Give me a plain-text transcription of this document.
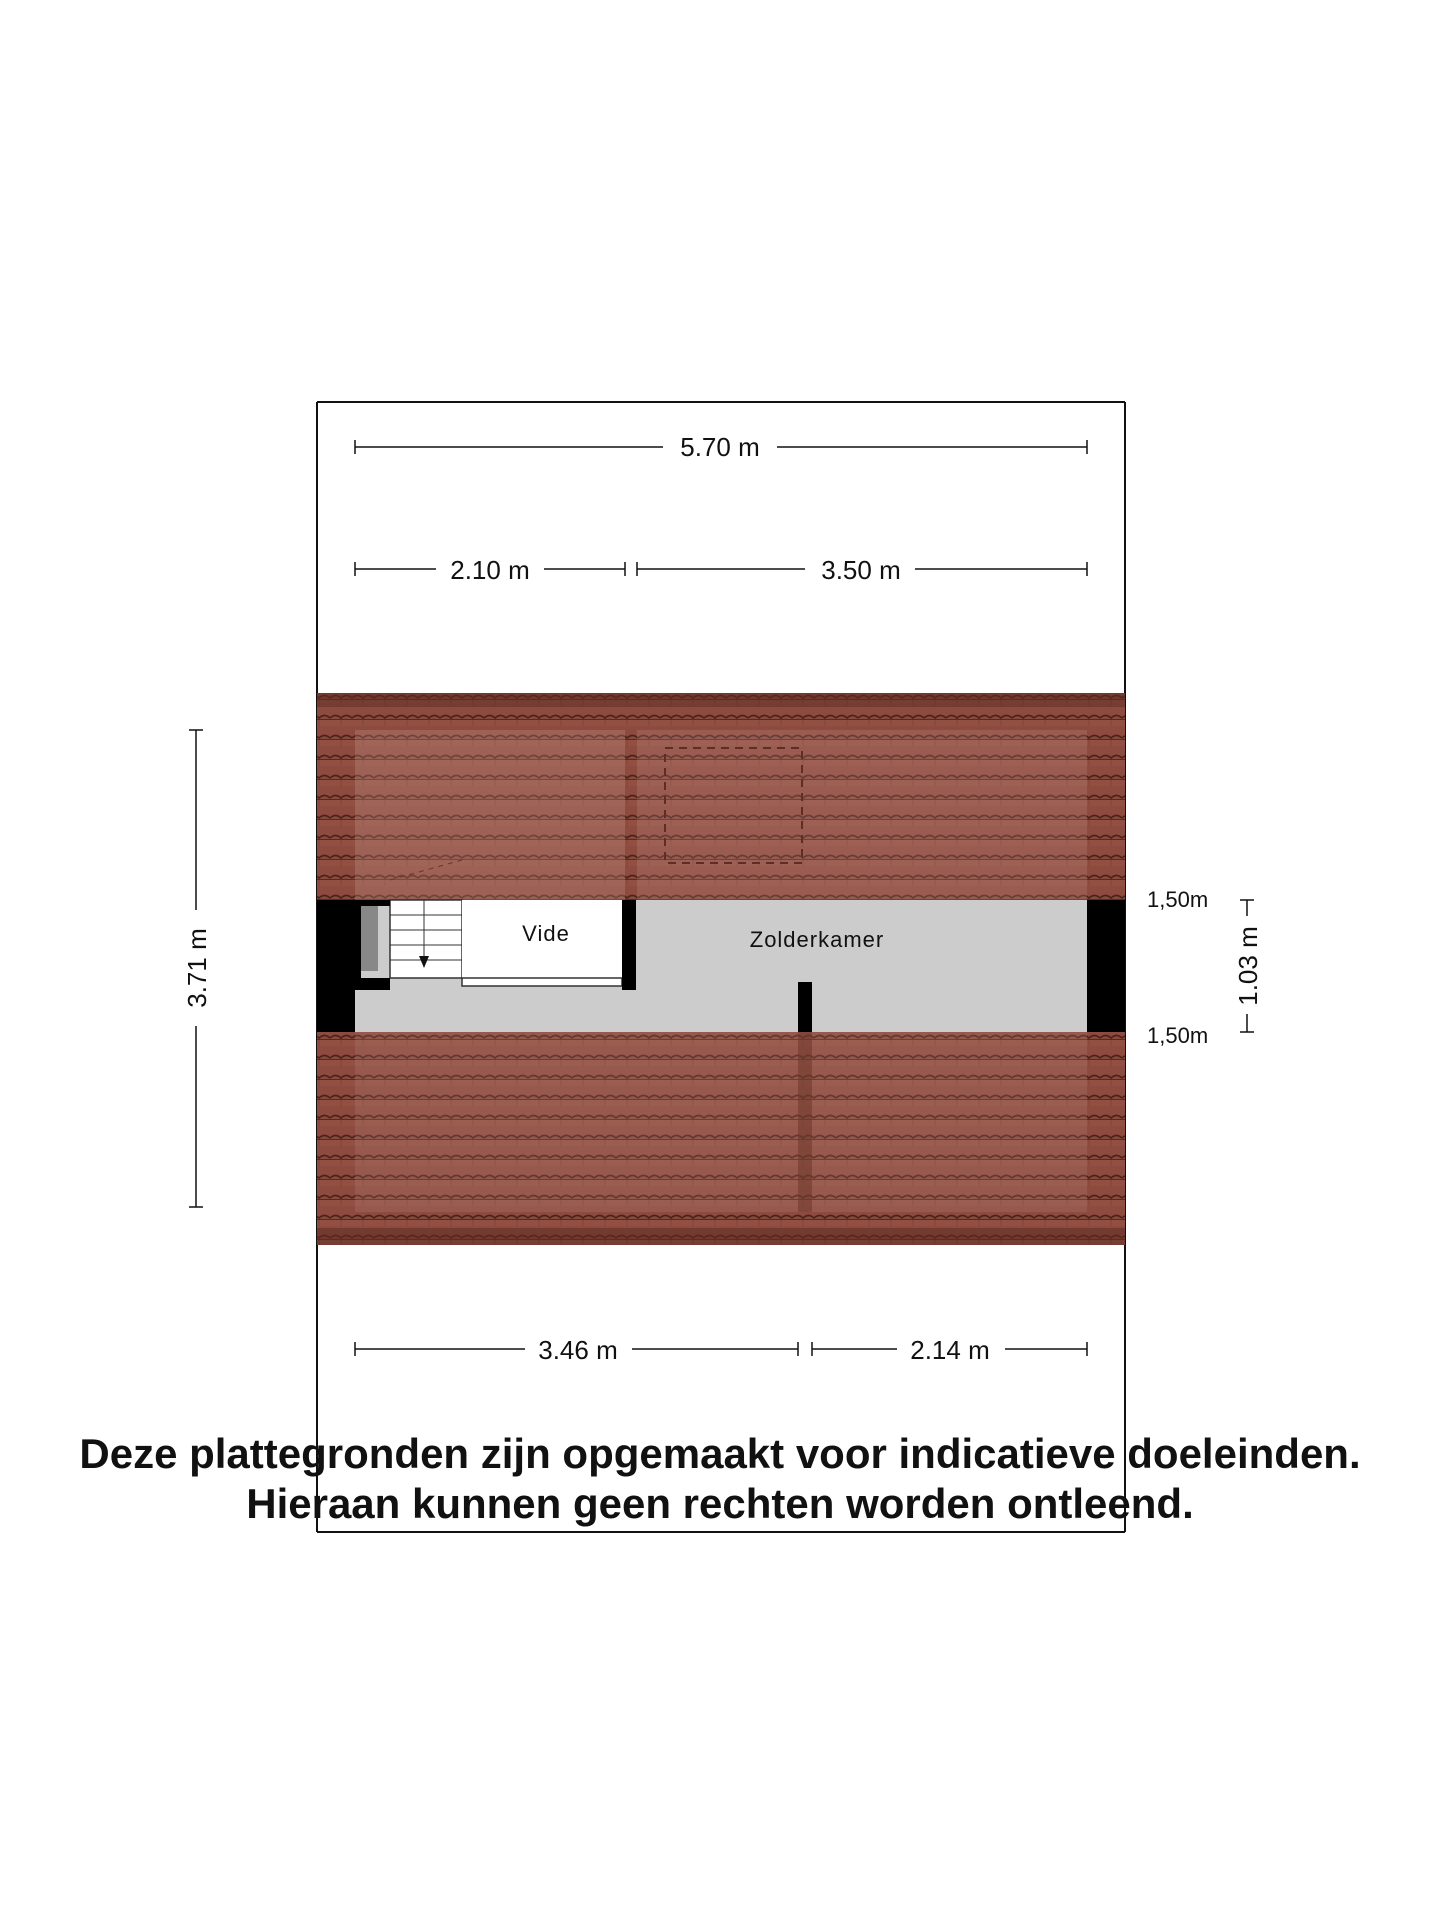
Vide	Zolderkamer
5.70 m
2.10 m	3.50 m
3.46 m	2.14 m
3.71 m	1.03 m
1,50m
1,50m
Deze plattegronden zijn opgemaakt voor indicatieve doeleinden.
Hieraan kunnen geen rechten worden ontleend.
